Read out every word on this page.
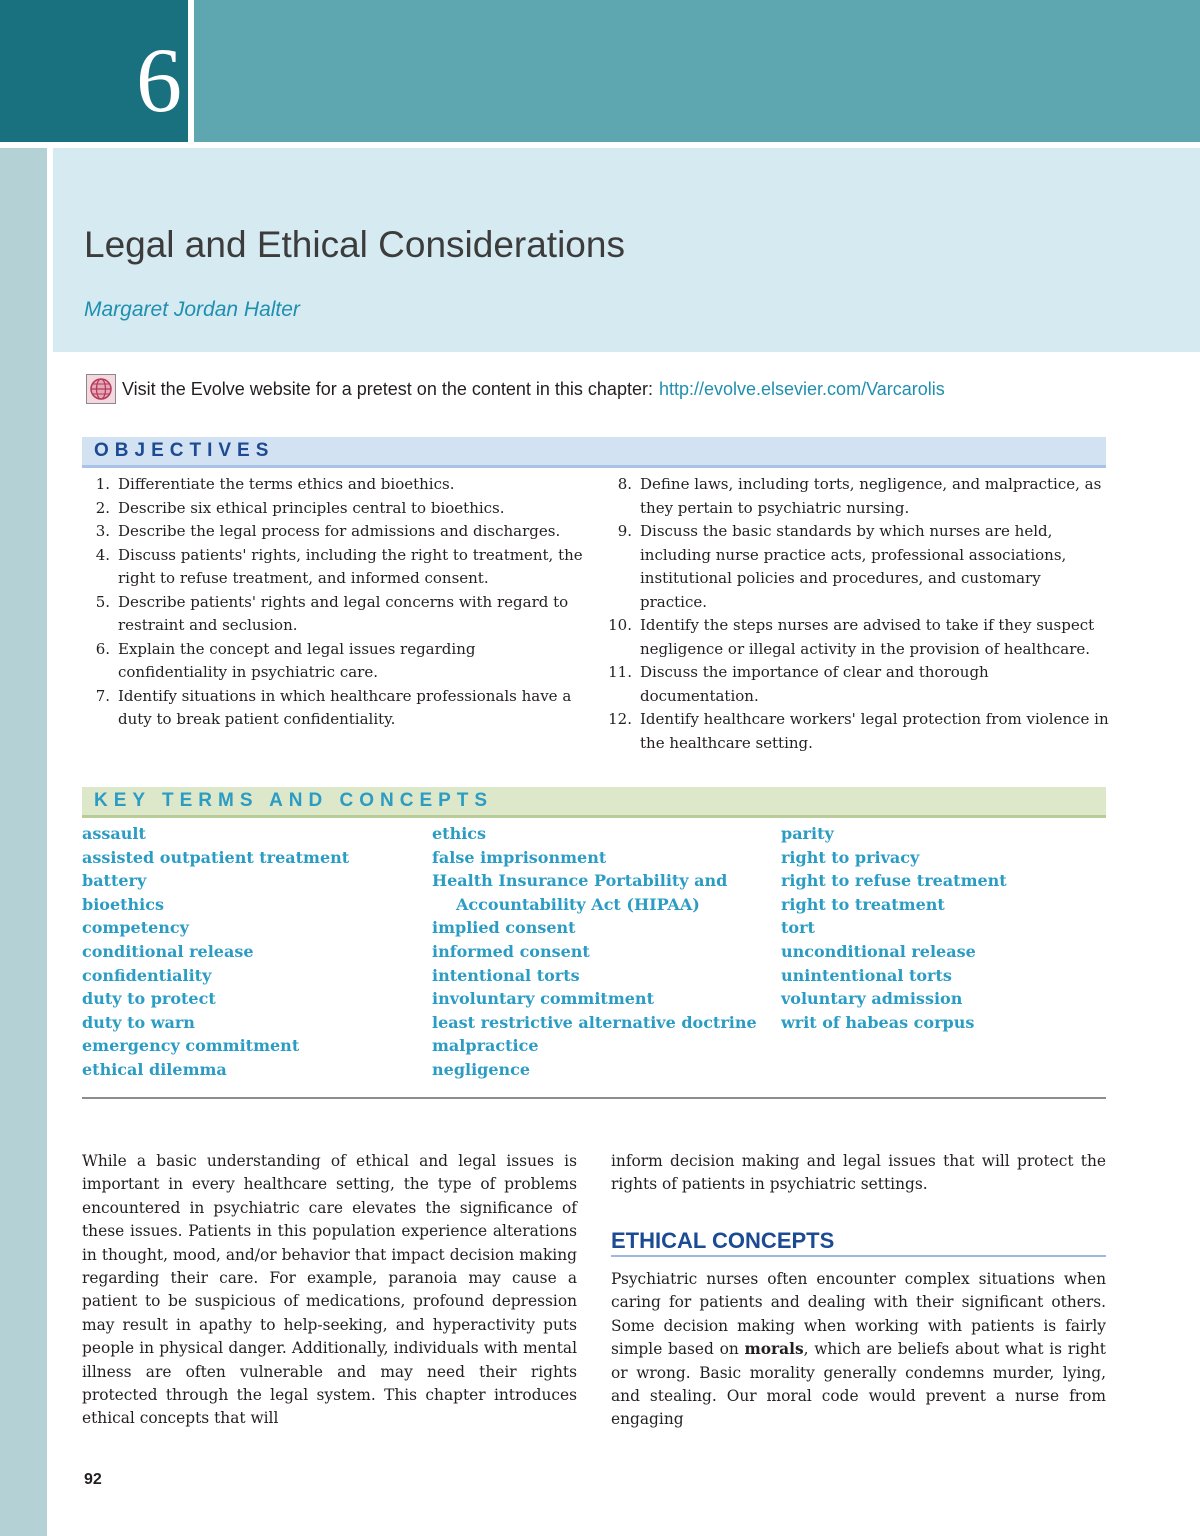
6
Legal and Ethical Considerations
Margaret Jordan Halter
Visit the Evolve website for a pretest on the content in this chapter: http://evolve.elsevier.com/Varcarolis
OBJECTIVES
1. Differentiate the terms ethics and bioethics.
2. Describe six ethical principles central to bioethics.
3. Describe the legal process for admissions and discharges.
4. Discuss patients' rights, including the right to treatment, the right to refuse treatment, and informed consent.
5. Describe patients' rights and legal concerns with regard to restraint and seclusion.
6. Explain the concept and legal issues regarding confidentiality in psychiatric care.
7. Identify situations in which healthcare professionals have a duty to break patient confidentiality.
8. Define laws, including torts, negligence, and malpractice, as they pertain to psychiatric nursing.
9. Discuss the basic standards by which nurses are held, including nurse practice acts, professional associations, institutional policies and procedures, and customary practice.
10. Identify the steps nurses are advised to take if they suspect negligence or illegal activity in the provision of healthcare.
11. Discuss the importance of clear and thorough documentation.
12. Identify healthcare workers' legal protection from violence in the healthcare setting.
KEY TERMS AND CONCEPTS
assault
assisted outpatient treatment
battery
bioethics
competency
conditional release
confidentiality
duty to protect
duty to warn
emergency commitment
ethical dilemma
ethics
false imprisonment
Health Insurance Portability and
Accountability Act (HIPAA)
implied consent
informed consent
intentional torts
involuntary commitment
least restrictive alternative doctrine
malpractice
negligence
parity
right to privacy
right to refuse treatment
right to treatment
tort
unconditional release
unintentional torts
voluntary admission
writ of habeas corpus
While a basic understanding of ethical and legal issues is important in every healthcare setting, the type of problems encountered in psychiatric care elevates the significance of these issues. Patients in this population experience alterations in thought, mood, and/or behavior that impact decision making regarding their care. For example, paranoia may cause a patient to be suspicious of medications, profound depression may result in apathy to help-seeking, and hyperactivity puts people in physical danger. Additionally, individuals with mental illness are often vulnerable and may need their rights protected through the legal system. This chapter introduces ethical concepts that will
inform decision making and legal issues that will protect the rights of patients in psychiatric settings.
ETHICAL CONCEPTS
Psychiatric nurses often encounter complex situations when caring for patients and dealing with their significant others. Some decision making when working with patients is fairly simple based on morals, which are beliefs about what is right or wrong. Basic morality generally condemns murder, lying, and stealing. Our moral code would prevent a nurse from engaging
92
